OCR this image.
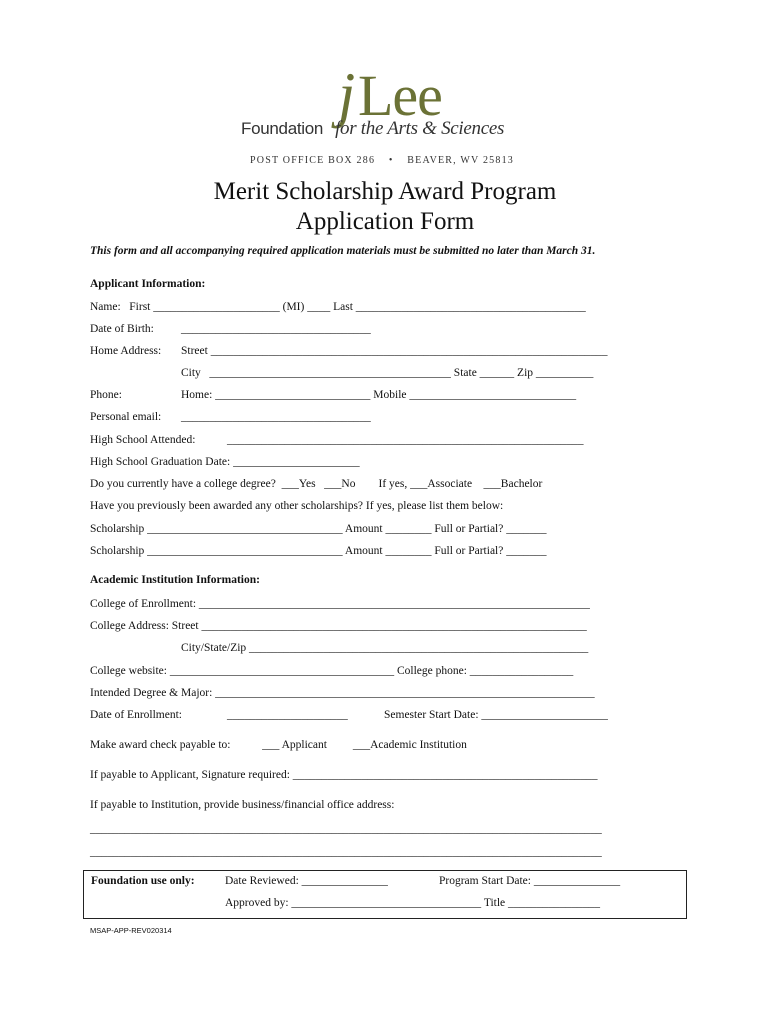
j Lee
Foundation for the Arts & Sciences
POST OFFICE BOX 286 • BEAVER, WV 25813
Merit Scholarship Award Program
Application Form
This form and all accompanying required application materials must be submitted no later than March 31.
Applicant Information:
Name:   First ______________________ (MI) ____ Last ________________________________________
Date of Birth: _________________________________
Home Address: Street _____________________________________________________________________
City   __________________________________________ State ______ Zip __________
Phone:	Home: ___________________________ Mobile _____________________________
Personal email: _________________________________
High School Attended:	______________________________________________________________
High School Graduation Date: ______________________
Do you currently have a college degree?  ___Yes   ___No        If yes, ___Associate    ___Bachelor
Have you previously been awarded any other scholarships? If yes, please list them below:
Scholarship __________________________________ Amount ________ Full or Partial? _______
Scholarship __________________________________ Amount ________ Full or Partial? _______
Academic Institution Information:
College of Enrollment: ____________________________________________________________________
College Address: Street ___________________________________________________________________
City/State/Zip ___________________________________________________________
College website: _______________________________________ College phone: __________________
Intended Degree & Major: __________________________________________________________________
Date of Enrollment:	_____________________	Semester Start Date: ______________________
Make award check payable to:           ___ Applicant         ___Academic Institution
If payable to Applicant, Signature required: _____________________________________________________
If payable to Institution, provide business/financial office address:
_________________________________________________________________________________________
_________________________________________________________________________________________
Foundation use only:	Date Reviewed: _______________	Program Start Date: _______________
Approved by: _________________________________ Title ________________
MSAP-APP-REV020314
